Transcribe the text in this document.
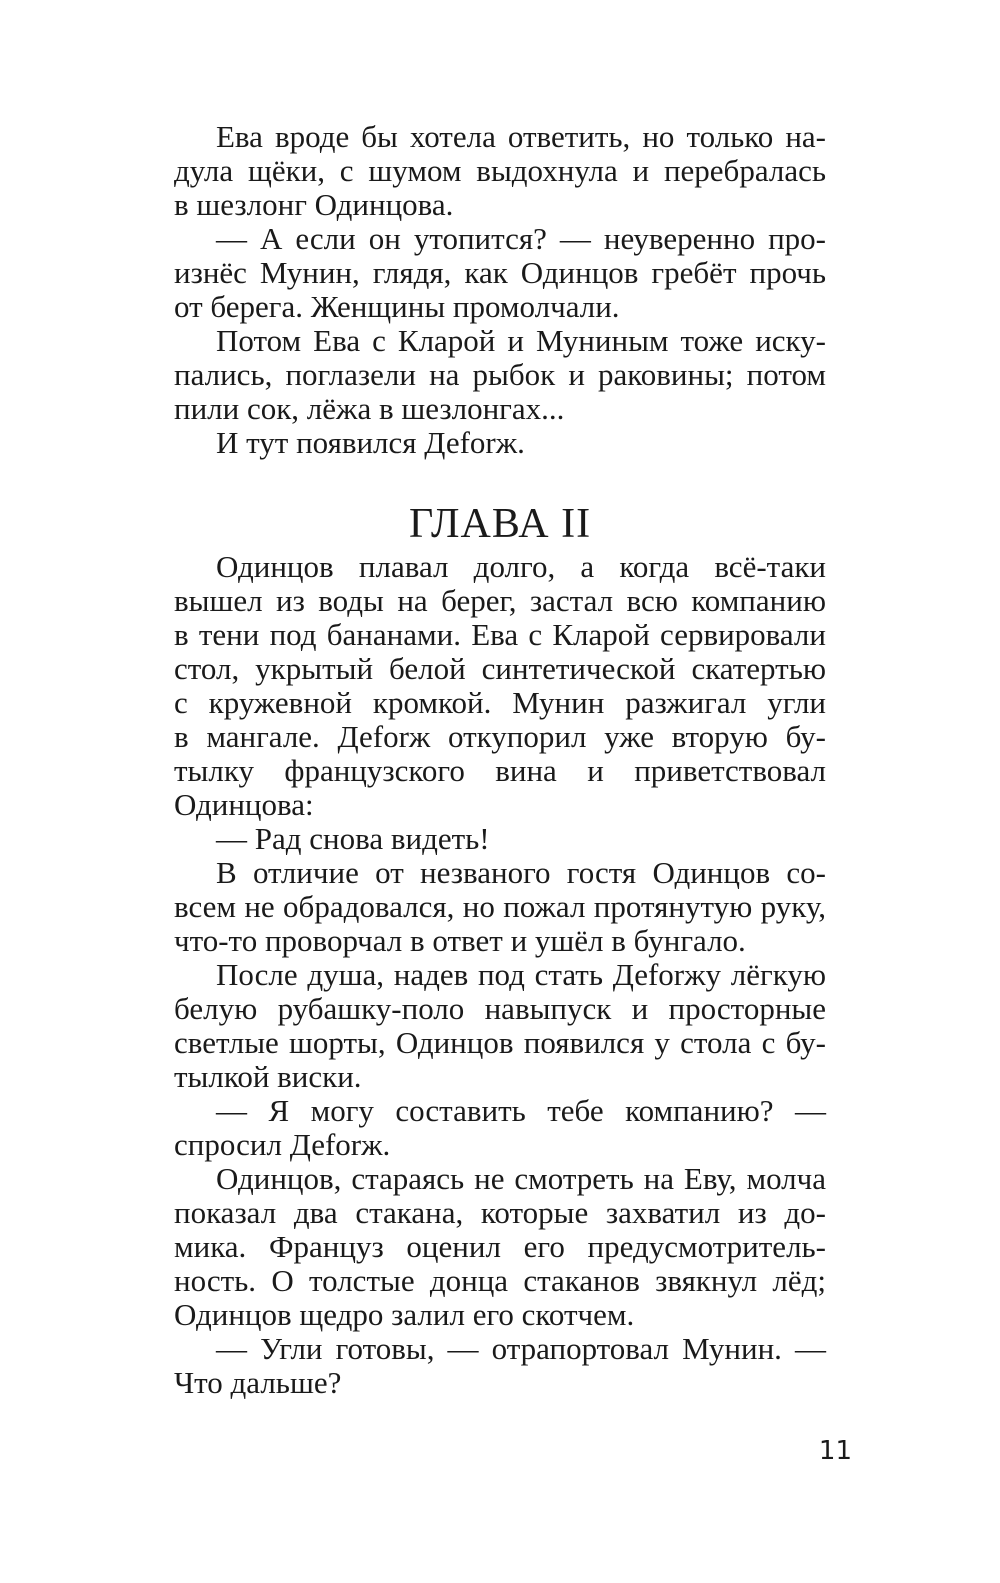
Ева вроде бы хотела ответить, но только на-
дула щёки, с шумом выдохнула и перебралась
в шезлонг Одинцова.
— А если он утопится? — неуверенно про-
изнёс Мунин, глядя, как Одинцов гребёт прочь
от берега. Женщины промолчали.
Потом Ева с Кларой и Муниным тоже иску-
пались, поглазели на рыбок и раковины; потом
пили сок, лёжа в шезлонгах...
И тут появился Деforж.
ГЛАВА II
Одинцов плавал долго, а когда всё-таки
вышел из воды на берег, застал всю компанию
в тени под бананами. Ева с Кларой сервировали
стол, укрытый белой синтетической скатертью
с кружевной кромкой. Мунин разжигал угли
в мангале. Деforж откупорил уже вторую бу-
тылку французского вина и приветствовал
Одинцова:
— Рад снова видеть!
В отличие от незваного гостя Одинцов со-
всем не обрадовался, но пожал протянутую руку,
что-то проворчал в ответ и ушёл в бунгало.
После душа, надев под стать Деforжу лёгкую
белую рубашку-поло навыпуск и просторные
светлые шорты, Одинцов появился у стола с бу-
тылкой виски.
— Я могу составить тебе компанию? —
спросил Деforж.
Одинцов, стараясь не смотреть на Еву, молча
показал два стакана, которые захватил из до-
мика. Француз оценил его предусмотритель-
ность. О толстые донца стаканов звякнул лёд;
Одинцов щедро залил его скотчем.
— Угли готовы, — отрапортовал Мунин. —
Что дальше?
11
